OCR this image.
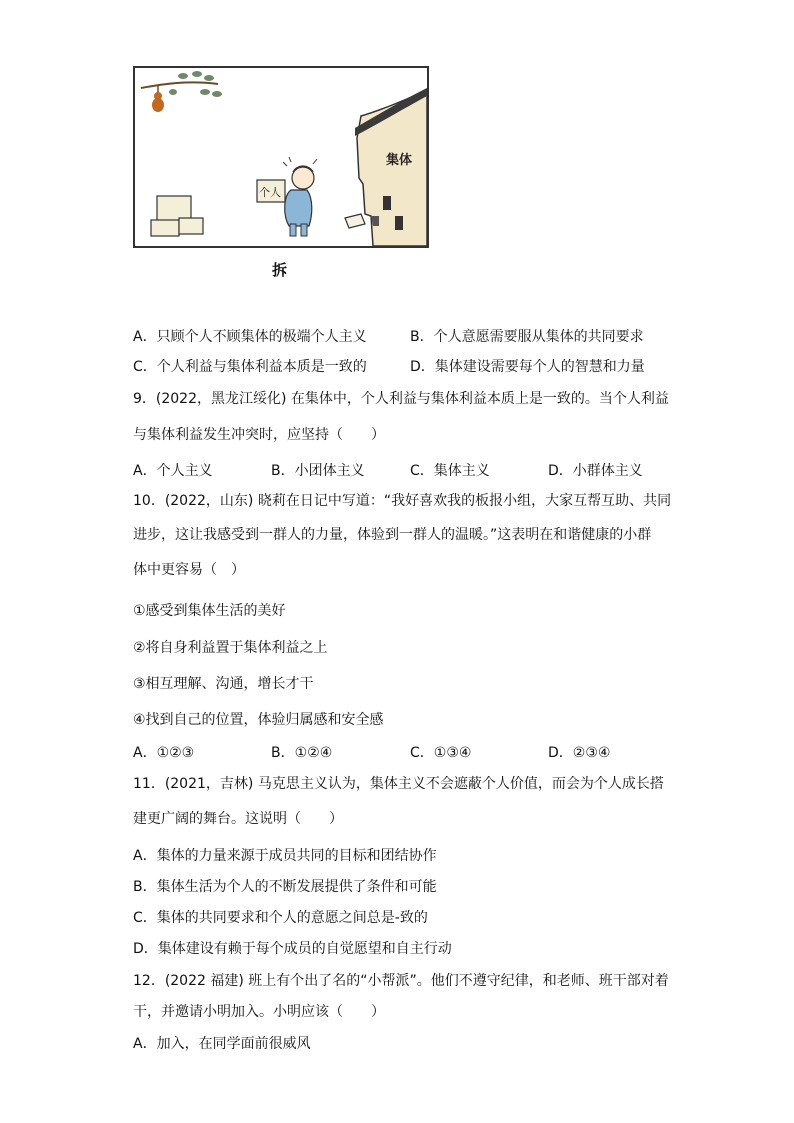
集体
个人
拆
A．只顾个人不顾集体的极端个人主义	B．个人意愿需要服从集体的共同要求
C．个人利益与集体利益本质是一致的	D．集体建设需要每个人的智慧和力量
9．(2022，黑龙江绥化) 在集体中，个人利益与集体利益本质上是一致的。当个人利益
与集体利益发生冲突时，应坚持（　　）
A．个人主义	B．小团体主义	C．集体主义	D．小群体主义
10．(2022，山东) 晓莉在日记中写道：“我好喜欢我的板报小组，大家互帮互助、共同
进步，这让我感受到一群人的力量，体验到一群人的温暖。”这表明在和谐健康的小群
体中更容易（　）
①感受到集体生活的美好
②将自身利益置于集体利益之上
③相互理解、沟通，增长才干
④找到自己的位置，体验归属感和安全感
A．①②③	B．①②④	C．①③④	D．②③④
11．(2021，吉林) 马克思主义认为，集体主义不会遮蔽个人价值，而会为个人成长搭
建更广阔的舞台。这说明（　　）
A．集体的力量来源于成员共同的目标和团结协作
B．集体生活为个人的不断发展提供了条件和可能
C．集体的共同要求和个人的意愿之间总是-致的
D．集体建设有赖于每个成员的自觉愿望和自主行动
12．(2022 福建) 班上有个出了名的“小帮派”。他们不遵守纪律，和老师、班干部对着
干，并邀请小明加入。小明应该（　　）
A．加入，在同学面前很威风
